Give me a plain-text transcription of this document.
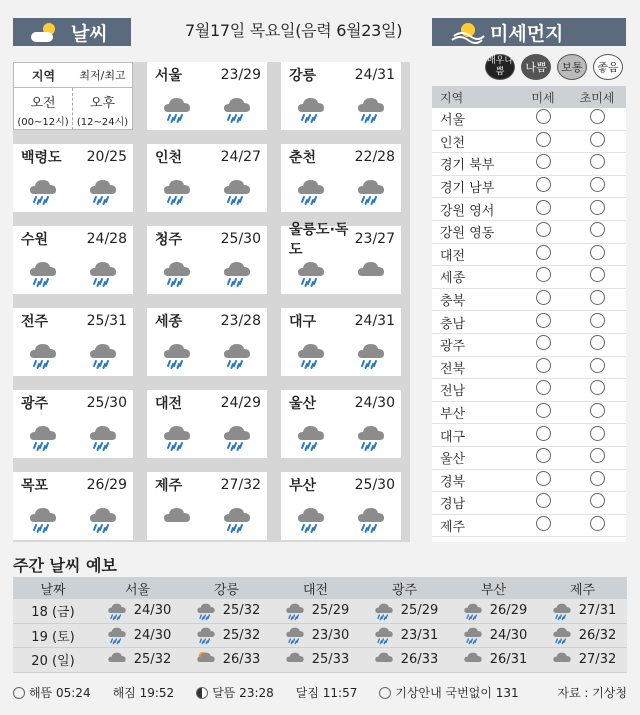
날씨	7월17일 목요일(음력 6월23일)	미세먼지
지역	최저/최고
오전
(00~12시)
오후
(12~24시)
서울	23/29 강릉	24/31
백령도 20/25 인천	24/27 춘천	22/28
수원	24/28 청주	25/30
울릉도·독도
23/27
전주	25/31 세종	23/28 대구	24/31
광주	25/30 대전	24/29 울산	24/30
목포	26/29 제주	27/32 부산	25/30
매우나쁨	나쁨	보통	좋음
지역	미세	초미세
서울
인천
경기 북부
경기 남부
강원 영서
강원 영동
대전
세종
충북
충남
광주
전북
전남
부산
대구
울산
경북
경남
제주
주간 날씨 예보
날짜	서울	강릉	대전	광주	부산	제주
18 (금)	24/30	25/32	25/29	25/29	26/29	27/31
19 (토)	24/30	25/32	23/30	23/31	24/30	26/32
20 (일)	25/32	26/33	25/33	26/33	26/31	27/32
해뜸 05:24 해짐 19:52	달뜸 23:28 달짐 11:57	기상안내 국번없이 131	자료 : 기상청
